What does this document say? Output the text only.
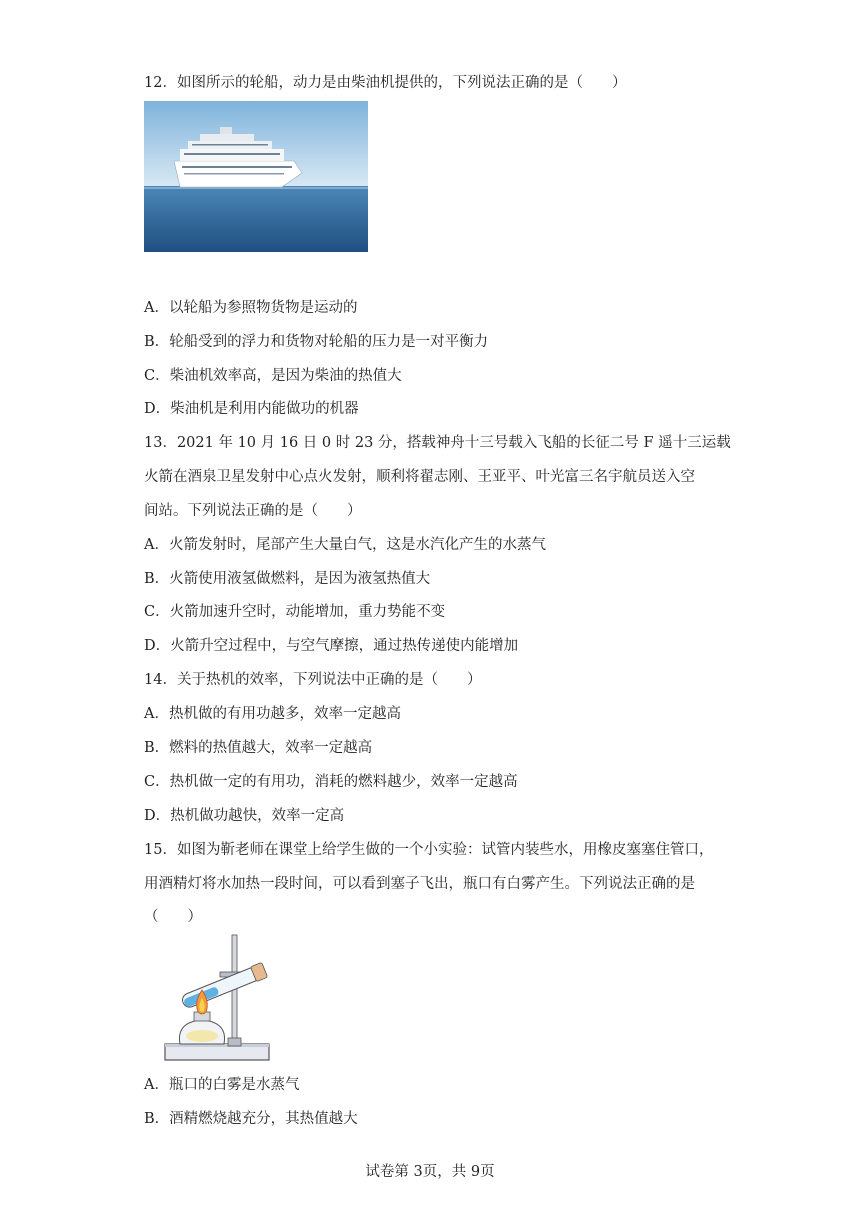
12．如图所示的轮船，动力是由柴油机提供的，下列说法正确的是（　　）
A．以轮船为参照物货物是运动的
B．轮船受到的浮力和货物对轮船的压力是一对平衡力
C．柴油机效率高，是因为柴油的热值大
D．柴油机是利用内能做功的机器
13．2021 年 10 月 16 日 0 时 23 分，搭载神舟十三号载入飞船的长征二号 F 遥十三运载
火箭在酒泉卫星发射中心点火发射，顺利将翟志刚、王亚平、叶光富三名宇航员送入空
间站。下列说法正确的是（　　）
A．火箭发射时，尾部产生大量白气，这是水汽化产生的水蒸气
B．火箭使用液氢做燃料，是因为液氢热值大
C．火箭加速升空时，动能增加，重力势能不变
D．火箭升空过程中，与空气摩擦，通过热传递使内能增加
14．关于热机的效率，下列说法中正确的是（　　）
A．热机做的有用功越多，效率一定越高
B．燃料的热值越大，效率一定越高
C．热机做一定的有用功，消耗的燃料越少，效率一定越高
D．热机做功越快，效率一定高
15．如图为靳老师在课堂上给学生做的一个小实验：试管内装些水，用橡皮塞塞住管口，
用酒精灯将水加热一段时间，可以看到塞子飞出，瓶口有白雾产生。下列说法正确的是
（　　）
A．瓶口的白雾是水蒸气
B．酒精燃烧越充分，其热值越大
试卷第 3页，共 9页
